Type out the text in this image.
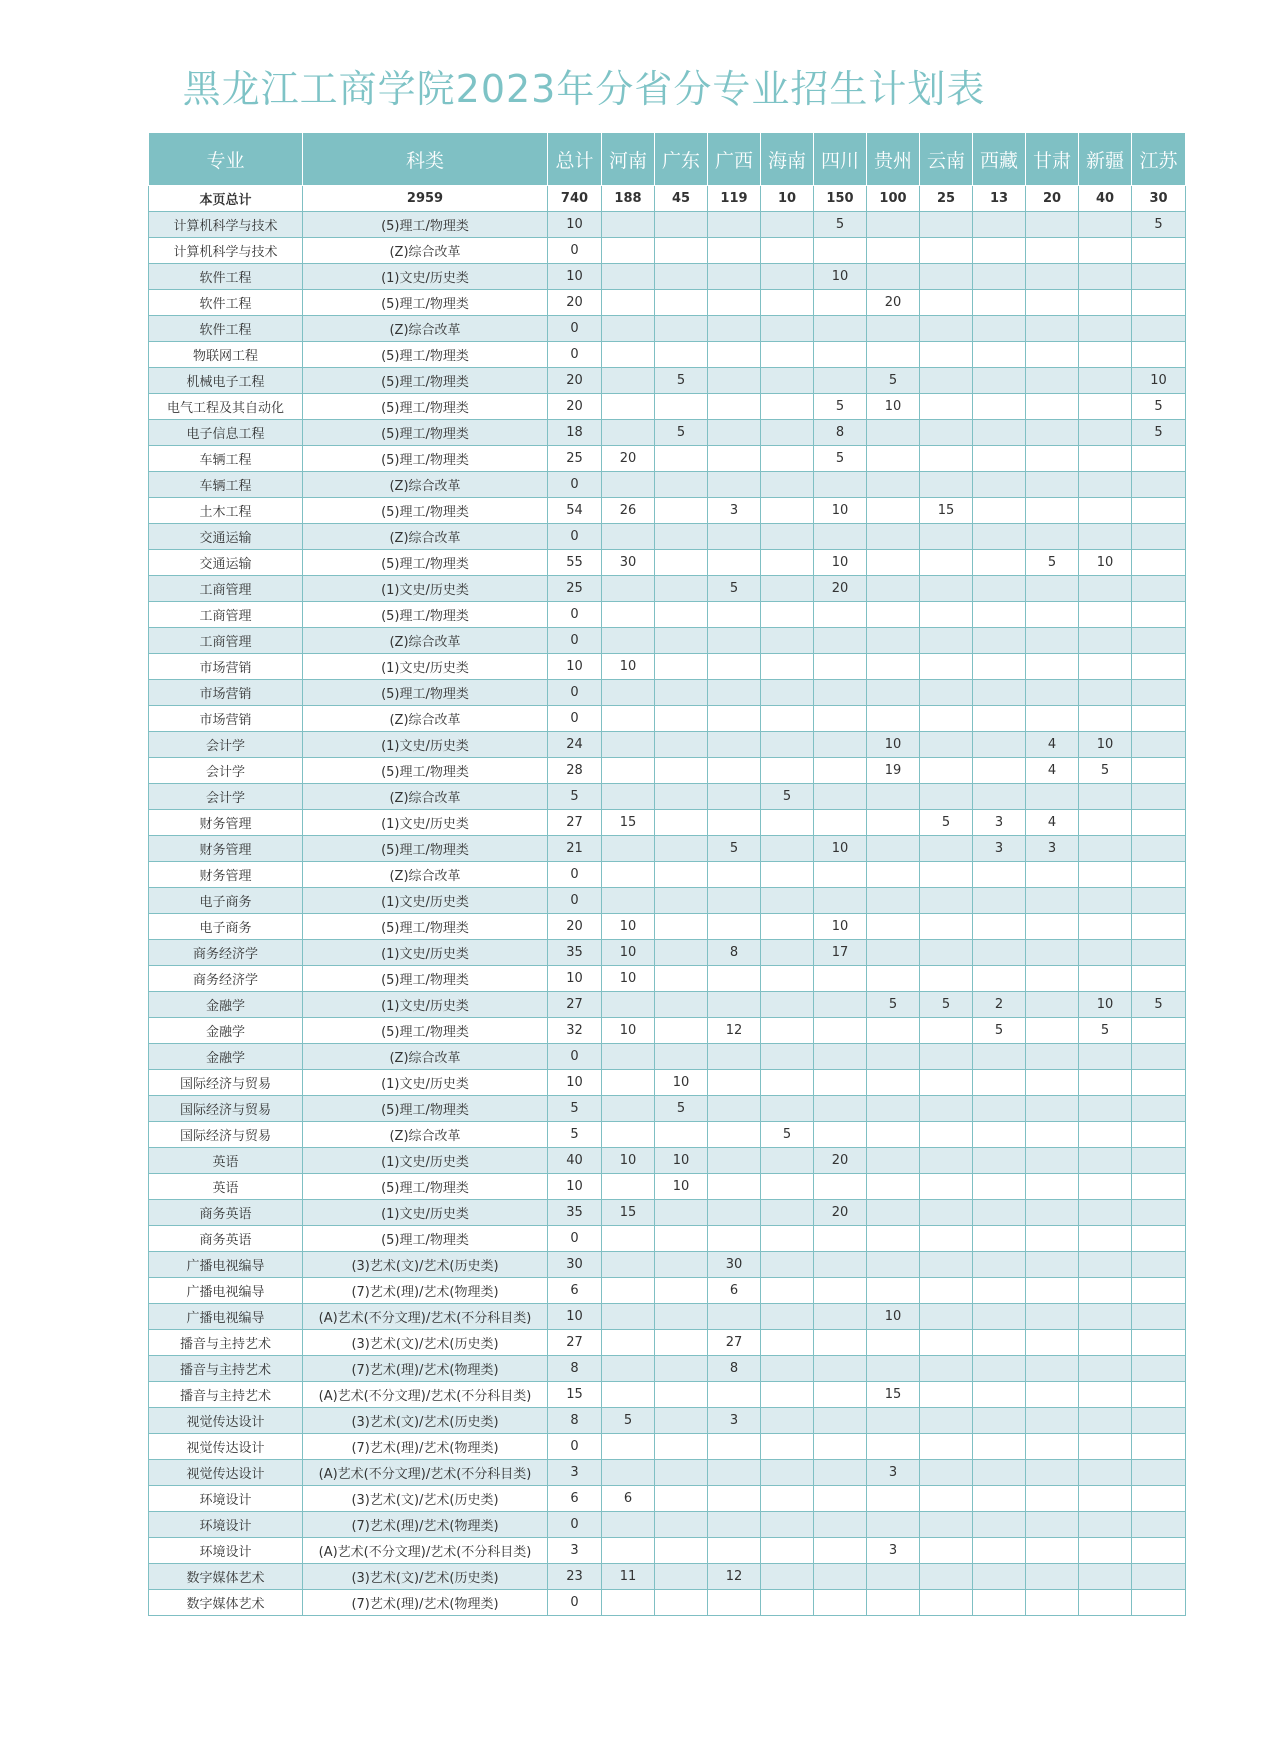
黑龙江工商学院2023年分省分专业招生计划表
专业	科类	总计	河南	广东	广西	海南	四川	贵州	云南	西藏	甘肃	新疆	江苏
本页总计	2959	740	188	45	119	10	150	100	25	13	20	40	30
计算机科学与技术	(5)理工/物理类	10					5						5
计算机科学与技术	(Z)综合改革	0											
软件工程	(1)文史/历史类	10					10						
软件工程	(5)理工/物理类	20						20					
软件工程	(Z)综合改革	0											
物联网工程	(5)理工/物理类	0											
机械电子工程	(5)理工/物理类	20		5				5					10
电气工程及其自动化	(5)理工/物理类	20					5	10					5
电子信息工程	(5)理工/物理类	18		5			8						5
车辆工程	(5)理工/物理类	25	20				5						
车辆工程	(Z)综合改革	0											
土木工程	(5)理工/物理类	54	26		3		10		15				
交通运输	(Z)综合改革	0											
交通运输	(5)理工/物理类	55	30				10				5	10	
工商管理	(1)文史/历史类	25			5		20						
工商管理	(5)理工/物理类	0											
工商管理	(Z)综合改革	0											
市场营销	(1)文史/历史类	10	10										
市场营销	(5)理工/物理类	0											
市场营销	(Z)综合改革	0											
会计学	(1)文史/历史类	24						10			4	10	
会计学	(5)理工/物理类	28						19			4	5	
会计学	(Z)综合改革	5				5							
财务管理	(1)文史/历史类	27	15						5	3	4		
财务管理	(5)理工/物理类	21			5		10			3	3		
财务管理	(Z)综合改革	0											
电子商务	(1)文史/历史类	0											
电子商务	(5)理工/物理类	20	10				10						
商务经济学	(1)文史/历史类	35	10		8		17						
商务经济学	(5)理工/物理类	10	10										
金融学	(1)文史/历史类	27						5	5	2		10	5
金融学	(5)理工/物理类	32	10		12					5		5	
金融学	(Z)综合改革	0											
国际经济与贸易	(1)文史/历史类	10		10									
国际经济与贸易	(5)理工/物理类	5		5									
国际经济与贸易	(Z)综合改革	5				5							
英语	(1)文史/历史类	40	10	10			20						
英语	(5)理工/物理类	10		10									
商务英语	(1)文史/历史类	35	15				20						
商务英语	(5)理工/物理类	0											
广播电视编导	(3)艺术(文)/艺术(历史类)	30			30								
广播电视编导	(7)艺术(理)/艺术(物理类)	6			6								
广播电视编导	(A)艺术(不分文理)/艺术(不分科目类)	10						10					
播音与主持艺术	(3)艺术(文)/艺术(历史类)	27			27								
播音与主持艺术	(7)艺术(理)/艺术(物理类)	8			8								
播音与主持艺术	(A)艺术(不分文理)/艺术(不分科目类)	15						15					
视觉传达设计	(3)艺术(文)/艺术(历史类)	8	5		3								
视觉传达设计	(7)艺术(理)/艺术(物理类)	0											
视觉传达设计	(A)艺术(不分文理)/艺术(不分科目类)	3						3					
环境设计	(3)艺术(文)/艺术(历史类)	6	6										
环境设计	(7)艺术(理)/艺术(物理类)	0											
环境设计	(A)艺术(不分文理)/艺术(不分科目类)	3						3					
数字媒体艺术	(3)艺术(文)/艺术(历史类)	23	11		12								
数字媒体艺术	(7)艺术(理)/艺术(物理类)	0											
